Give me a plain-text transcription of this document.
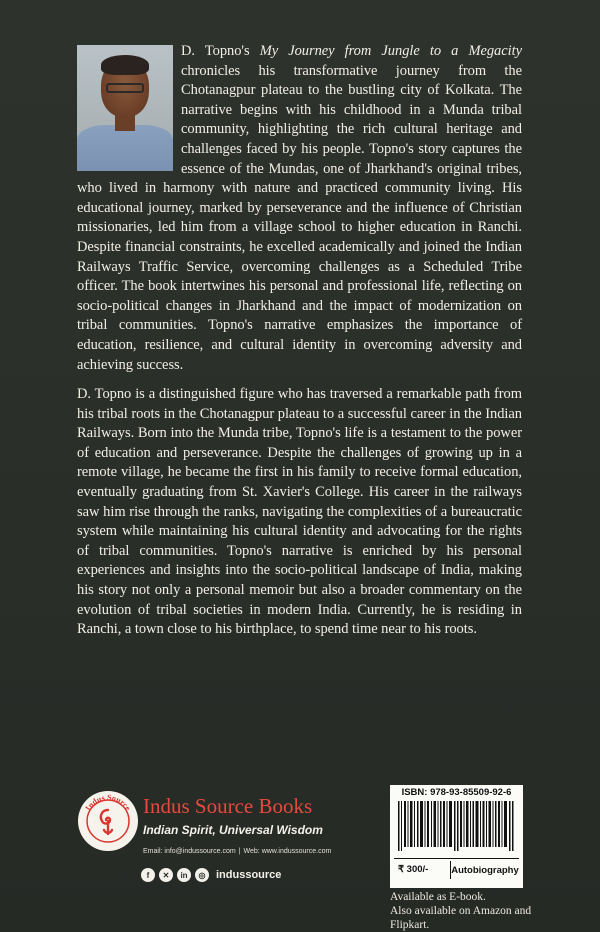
D. Topno's My Journey from Jungle to a Megacity chronicles his transformative journey from the Chotanagpur plateau to the bustling city of Kolkata. The narrative begins with his childhood in a Munda tribal community, highlighting the rich cultural heritage and challenges faced by his people. Topno's story captures the essence of the Mundas, one of Jharkhand's original tribes, who lived in harmony with nature and practiced community living. His educational journey, marked by perseverance and the influence of Christian missionaries, led him from a village school to higher education in Ranchi. Despite financial constraints, he excelled academically and joined the Indian Railways Traffic Service, overcoming challenges as a Scheduled Tribe officer. The book intertwines his personal and professional life, reflecting on socio-political changes in Jharkhand and the impact of modernization on tribal communities. Topno's narrative emphasizes the importance of education, resilience, and cultural identity in overcoming adversity and achieving success.

D. Topno is a distinguished figure who has traversed a remarkable path from his tribal roots in the Chotanagpur plateau to a successful career in the Indian Railways. Born into the Munda tribe, Topno's life is a testament to the power of education and perseverance. Despite the challenges of growing up in a remote village, he became the first in his family to receive formal education, eventually graduating from St. Xavier's College. His career in the railways saw him rise through the ranks, navigating the complexities of a bureaucratic system while maintaining his cultural identity and advocating for the rights of tribal communities. Topno's narrative is enriched by his personal experiences and insights into the socio-political landscape of India, making his story not only a personal memoir but also a broader commentary on the evolution of tribal societies in modern India. Currently, he is residing in Ranchi, a town close to his birthplace, to spend time near to his roots.

Indus Source Indus Source Books
Indian Spirit, Universal Wisdom
Email: info@indussource.com | Web: www.indussource.com
f	✕	in	◎ indussource
ISBN: 978-93-85509-92-6
₹ 300/-	Autobiography
Available as E-book.
Also available on Amazon and Flipkart.
